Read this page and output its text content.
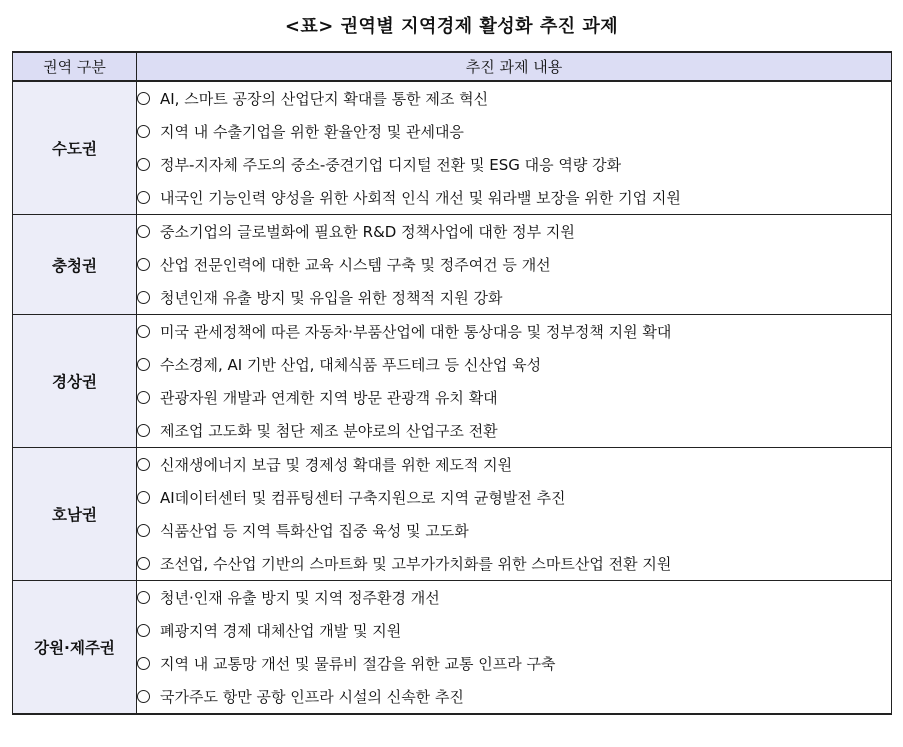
<표> 권역별 지역경제 활성화 추진 과제
권역 구분	추진 과제 내용
수도권	AI, 스마트 공장의 산업단지 확대를 통한 제조 혁신
지역 내 수출기업을 위한 환율안정 및 관세대응
정부-지자체 주도의 중소-중견기업 디지털 전환 및 ESG 대응 역량 강화
내국인 기능인력 양성을 위한 사회적 인식 개선 및 워라밸 보장을 위한 기업 지원

충청권	중소기업의 글로벌화에 필요한 R&D 정책사업에 대한 정부 지원
산업 전문인력에 대한 교육 시스템 구축 및 정주여건 등 개선
청년인재 유출 방지 및 유입을 위한 정책적 지원 강화

경상권	미국 관세정책에 따른 자동차·부품산업에 대한 통상대응 및 정부정책 지원 확대
수소경제, AI 기반 산업, 대체식품 푸드테크 등 신산업 육성
관광자원 개발과 연계한 지역 방문 관광객 유치 확대
제조업 고도화 및 첨단 제조 분야로의 산업구조 전환

호남권	신재생에너지 보급 및 경제성 확대를 위한 제도적 지원
AI데이터센터 및 컴퓨팅센터 구축지원으로 지역 균형발전 추진
식품산업 등 지역 특화산업 집중 육성 및 고도화
조선업, 수산업 기반의 스마트화 및 고부가가치화를 위한 스마트산업 전환 지원

강원·제주권	청년·인재 유출 방지 및 지역 정주환경 개선
폐광지역 경제 대체산업 개발 및 지원
지역 내 교통망 개선 및 물류비 절감을 위한 교통 인프라 구축
국가주도 항만 공항 인프라 시설의 신속한 추진
